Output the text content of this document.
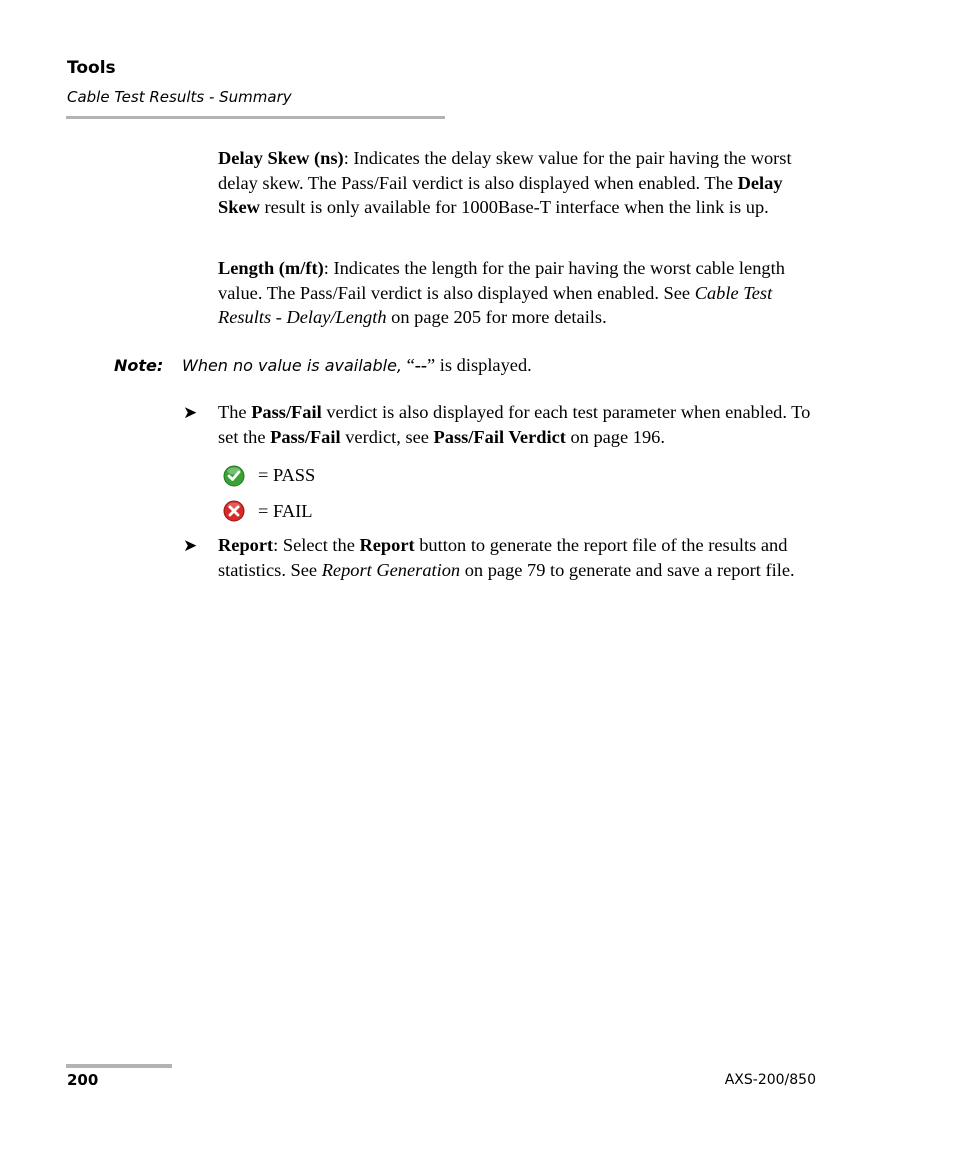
Tools
Cable Test Results - Summary

Delay Skew (ns): Indicates the delay skew value for the pair having the worst delay skew. The Pass/Fail verdict is also displayed when enabled. The Delay Skew result is only available for 1000Base-T interface when the link is up.

Length (m/ft): Indicates the length for the pair having the worst cable length value. The Pass/Fail verdict is also displayed when enabled. See Cable Test Results - Delay/Length on page 205 for more details.

Note: When no value is available, “--” is displayed.
➤ The Pass/Fail verdict is also displayed for each test parameter when enabled. To set the Pass/Fail verdict, see Pass/Fail Verdict on page 196.

= PASS
= FAIL
➤ Report: Select the Report button to generate the report file of the results and statistics. See Report Generation on page 79 to generate and save a report file.

200	AXS-200/850
